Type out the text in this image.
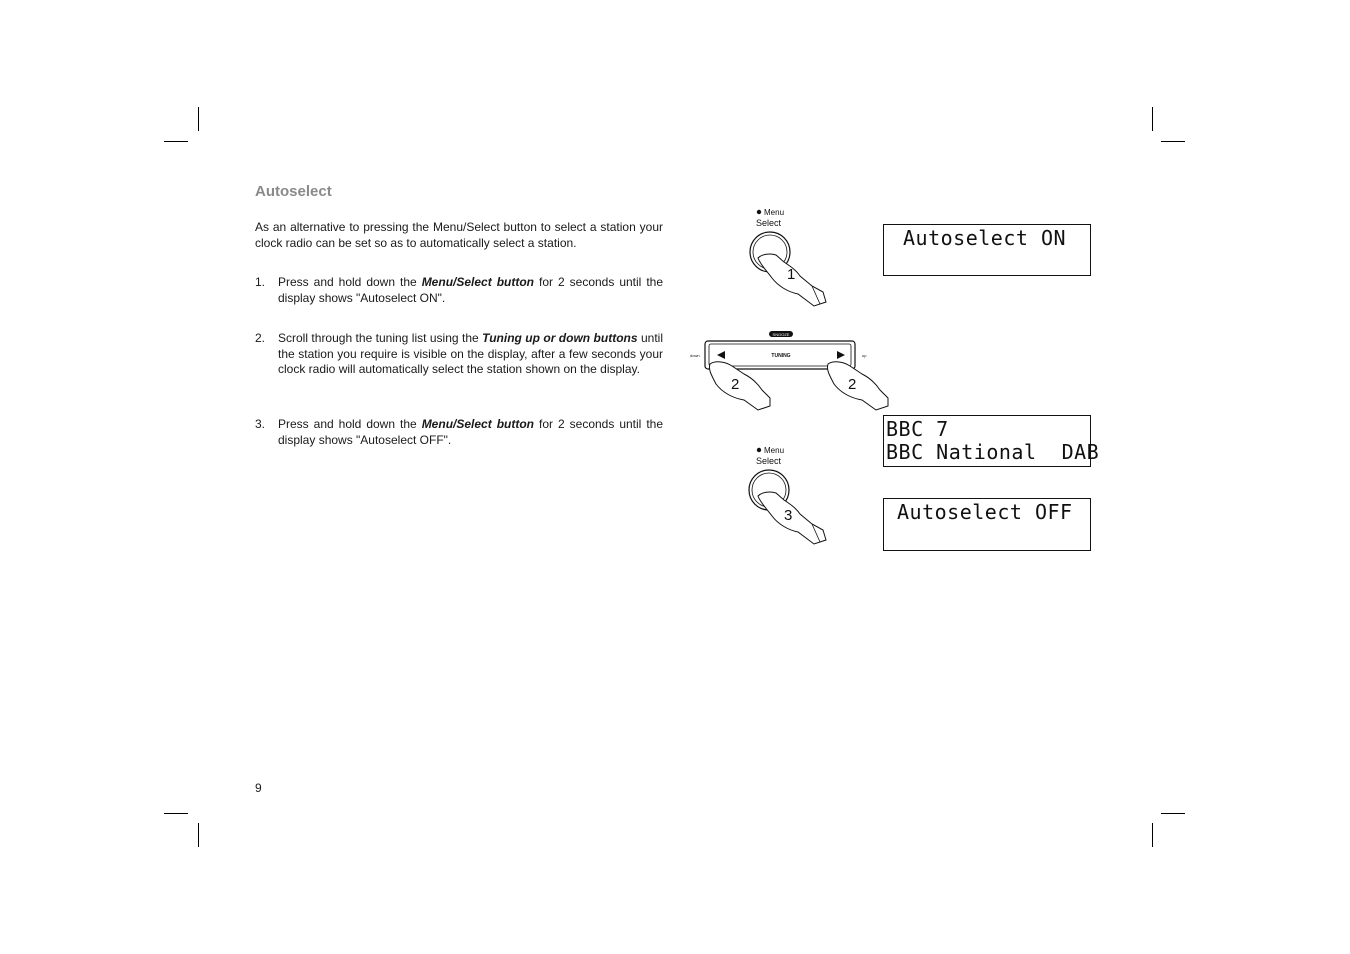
Autoselect
As an alternative to pressing the Menu/Select button to select a station your clock radio can be set so as to automatically select a station.
1. Press and hold down the Menu/Select button for 2 seconds until the display shows "Autoselect ON".
2. Scroll through the tuning list using the Tuning up or down buttons until the station you require is visible on the display, after a few seconds your clock radio will automatically select the station shown on the display.
3. Press and hold down the Menu/Select button for 2 seconds until the display shows "Autoselect OFF".
9
Menu
Select
1
SNOOZE
TUNING
down	up
2	2
Menu
Select
3
Autoselect ON
BBC 7
BBC National  DAB
Autoselect OFF
